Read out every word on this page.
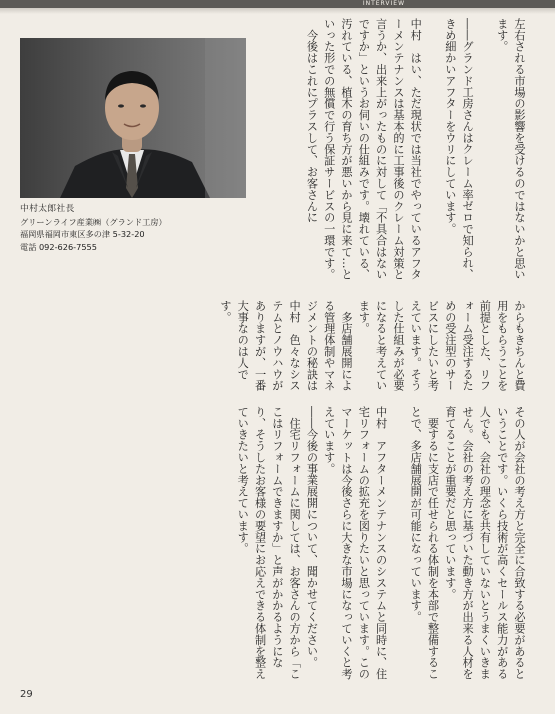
INTERVIEW
中村太郎社長
グリーンライフ産業㈱（グランド工房）
福岡県福岡市東区多の津 5-32-20
電話 092-626-7555	左右される市場の影響を受けるのではないかと思います。

――グランド工房さんはクレーム率ゼロで知られ、きめ細かいアフターをウリにしています。

中村　はい、ただ現状では当社でやっているアフターメンテナンスは基本的に工事後のクレーム対策と言うか、出来上がったものに対して「不具合はないですか」というお伺いの仕組みです。壊れている、汚れている、植木の育ち方が悪いから見に来て…といった形での無償で行う保証サービスの一環です。
　今後はこれにプラスして、お客さんに
からもきちんと費用をもらうことを前提とした、リフォーム受注するための受注型のサービスにしたいと考えています。そうした仕組みが必要になると考えています。
　多店舗展開による管理体制やマネジメントの秘訣は
中村　色々なシステムとノウハウがありますが、一番大事なのは人です。
その人が会社の考え方と完全に合致する必要があるということです。いくら技術が高くセールス能力がある人でも、会社の理念を共有していないとうまくいきません。会社の考え方に基づいた動き方が出来る人材を育てることが重要だと思っています。
　要するに支店で任せられる体制を本部で整備することで、多店舗展開が可能になっています。

中村　アフターメンテナンスのシステムと同時に、住宅リフォームの拡充を図りたいと思っています。このマーケットは今後さらに大きな市場になっていくと考えています。
――今後の事業展開について、聞かせてください。
　住宅リフォームに関しては、お客さんの方から「ここはリフォームできますか」と声がかかるようになり、そうしたお客様の要望にお応えできる体制を整えていきたいと考えています。
29
